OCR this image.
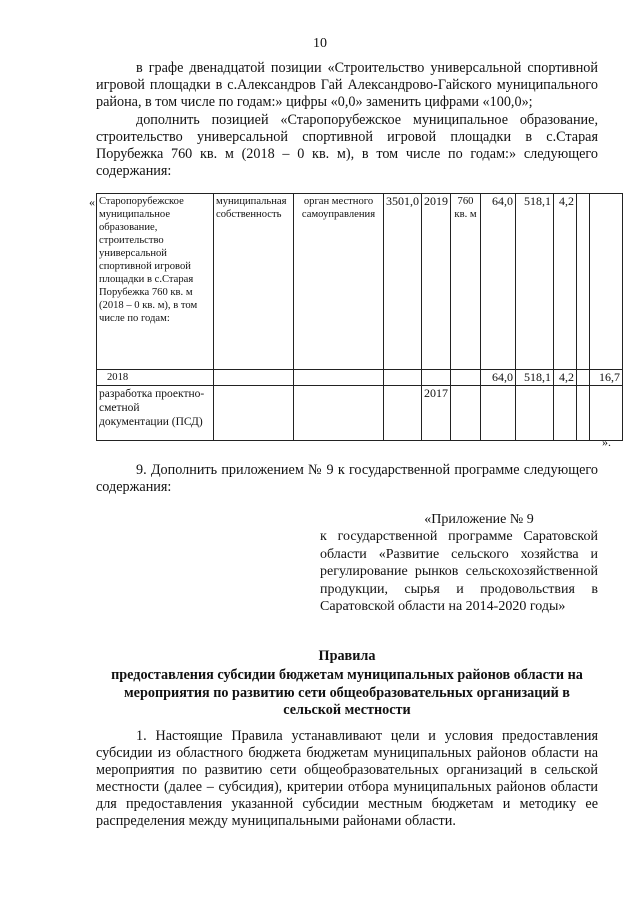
10

в графе двенадцатой позиции «Строительство универсальной спортивной игровой площадки в с.Александров Гай Александрово-Гайского муниципального района, в том числе по годам:» цифры «0,0» заменить цифрами «100,0»;

дополнить позицией «Старопорубежское муниципальное образование, строительство универсальной спортивной игровой площадки в с.Старая Порубежка 760 кв. м (2018 – 0 кв. м), в том числе по годам:» следующего содержания:

« Старопорубежское муниципальное образование, строительство универсальной спортивной игровой площадки в с.Старая Порубежка 760 кв. м (2018 – 0 кв. м), в том числе по годам:	муниципальная собственность	орган местного самоуправления	3501,0	2019	760 кв. м	64,0	518,1	4,2		
2018						64,0	518,1	4,2		16,7
разработка проектно-сметной документации (ПСД)				2017						
».

9. Дополнить приложением № 9 к государственной программе следующего содержания:

«Приложение № 9
к государственной программе Саратовской области «Развитие сельского хозяйства и регулирование рынков сельскохозяйственной продукции, сырья и продовольствия в Саратовской области на 2014-2020 годы»
Правила
предоставления субсидии бюджетам муниципальных районов области на мероприятия по развитию сети общеобразовательных организаций в сельской местности

1. Настоящие Правила устанавливают цели и условия предоставления субсидии из областного бюджета бюджетам муниципальных районов области на мероприятия по развитию сети общеобразовательных организаций в сельской местности (далее – субсидия), критерии отбора муниципальных районов области для предоставления указанной субсидии местным бюджетам и методику ее распределения между муниципальными районами области.
